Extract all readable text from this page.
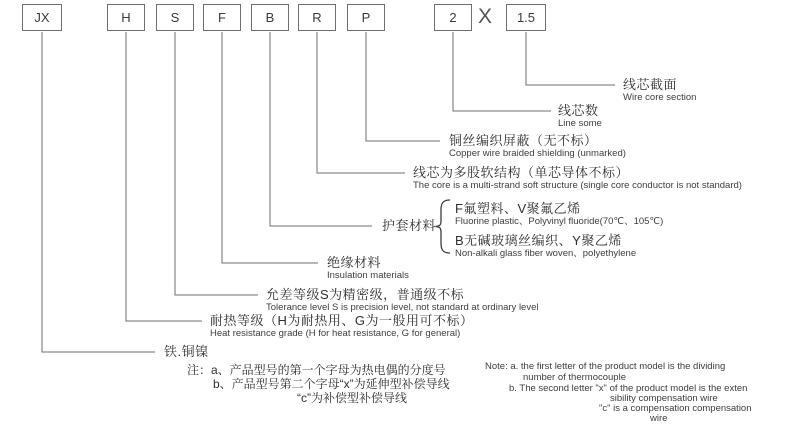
JX	H	S	F	B	R	P	2	X	1.5
线芯截面
Wire core section
线芯数
Line some
铜丝编织屏蔽（无不标）
Copper wire braided shielding (unmarked)
线芯为多股软结构（单芯导体不标）
The core is a multi-strand soft structure (single core conductor is not standard)
护套材料
F氟塑料、V聚氟乙烯
Fluorine plastic、Polyvinyl fluoride(70℃、105℃)
B无碱玻璃丝编织、Y聚乙烯
Non-alkali glass fiber woven、polyethylene
绝缘材料
Insulation materials
允差等级S为精密级，普通级不标
Tolerance level S is precision level, not standard at ordinary level
耐热等级（H为耐热用、G为一般用可不标）
Heat resistance grade (H for heat resistance, G for general)
铁.铜镍
注：a、产品型号的第一个字母为热电偶的分度号
b、产品型号第二个字母“x”为延伸型补偿导线
“c”为补偿型补偿导线
Note: a. the first letter of the product model is the dividing
number of thermocouple
b. The second letter "x" of the product model is the exten
sibility compensation wire
"c" is a compensation compensation
wire
